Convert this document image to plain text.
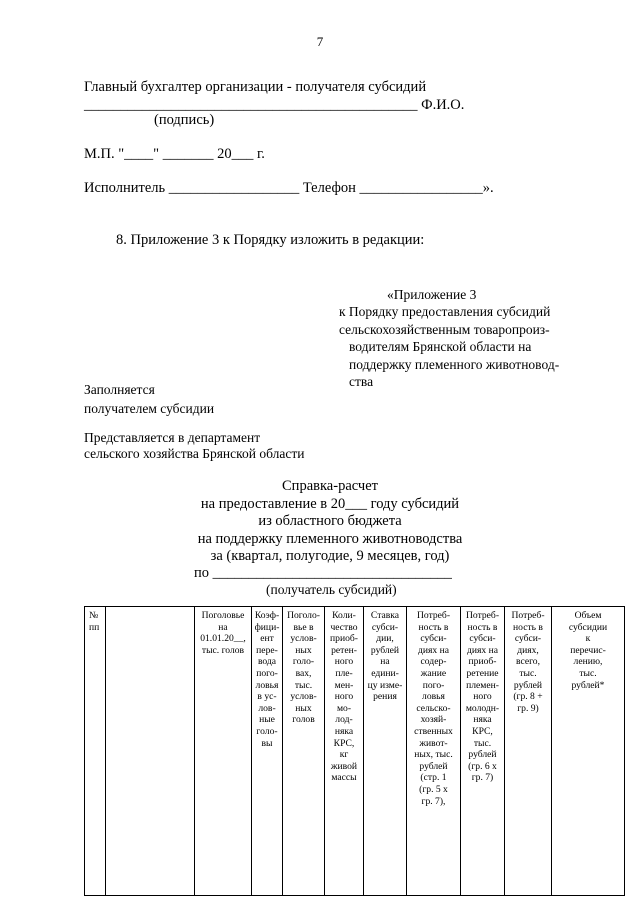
7
Главный бухгалтер организации - получателя субсидий
______________________________________________ Ф.И.О.
(подпись)
М.П. "____" _______ 20___ г.
Исполнитель __________________ Телефон _________________».
8. Приложение 3 к Порядку изложить в редакции:
«Приложение 3
к Порядку предоставления субсидий
сельскохозяйственным товаропроиз-
водителям Брянской области на
поддержку племенного животновод-
ства
Заполняется
получателем субсидии
Представляется в департамент
сельского хозяйства Брянской области
Справка-расчет
на предоставление в 20___ году субсидий
из областного бюджета
на поддержку племенного животноводства
за (квартал, полугодие, 9 месяцев, год)
по _________________________________
(получатель субсидий)
№
пп

Поголовье
на
01.01.20__,
тыс. голов

Коэф-
фици-
ент
пере-
вода
пого-
ловья
в ус-
лов-
ные
голо-
вы

Поголо-
вье в
услов-
ных
голо-
вах,
тыс.
услов-
ных
голов

Коли-
чество
приоб-
ретен-
ного
пле-
мен-
ного
мо-
лод-
няка
КРС,
кг
живой
массы

Ставка
субси-
дии,
рублей
на
едини-
цу изме-
рения

Потреб-
ность в
субси-
диях на
содер-
жание
пого-
ловья
сельско-
хозяй-
ственных
живот-
ных, тыс.
рублей
(стр. 1
(гр. 5 х
гр. 7),

Потреб-
ность в
субси-
диях на
приоб-
ретение
племен-
ного
молодн-
няка
КРС,
тыс.
рублей
(гр. 6 х
гр. 7)

Потреб-
ность в
субси-
диях,
всего,
тыс.
рублей
(гр. 8 +
гр. 9)

Объем
субсидии
к
перечис-
лению,
тыс.
рублей*
